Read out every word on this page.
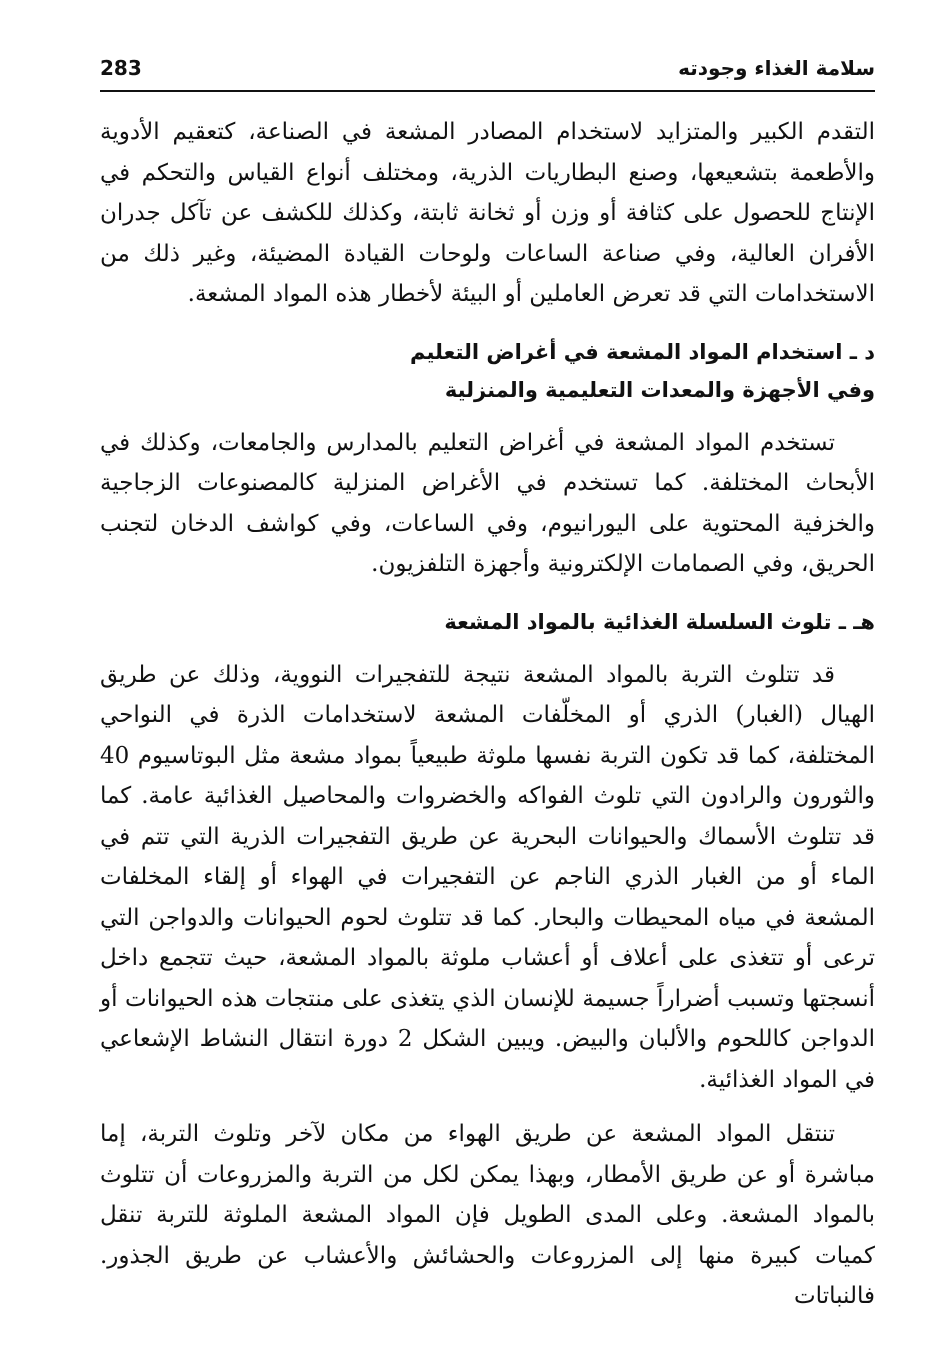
283	سلامة الغذاء وجودته

التقدم الكبير والمتزايد لاستخدام المصادر المشعة في الصناعة، كتعقيم الأدوية والأطعمة بتشعيعها، وصنع البطاريات الذرية، ومختلف أنواع القياس والتحكم في الإنتاج للحصول على كثافة أو وزن أو ثخانة ثابتة، وكذلك للكشف عن تآكل جدران الأفران العالية، وفي صناعة الساعات ولوحات القيادة المضيئة، وغير ذلك من الاستخدامات التي قد تعرض العاملين أو البيئة لأخطار هذه المواد المشعة.

د ـ استخدام المواد المشعة في أغراض التعليم

وفي الأجهزة والمعدات التعليمية والمنزلية

تستخدم المواد المشعة في أغراض التعليم بالمدارس والجامعات، وكذلك في الأبحاث المختلفة. كما تستخدم في الأغراض المنزلية كالمصنوعات الزجاجية والخزفية المحتوية على اليورانيوم، وفي الساعات، وفي كواشف الدخان لتجنب الحريق، وفي الصمامات الإلكترونية وأجهزة التلفزيون.

هـ ـ تلوث السلسلة الغذائية بالمواد المشعة

قد تتلوث التربة بالمواد المشعة نتيجة للتفجيرات النووية، وذلك عن طريق الهيال (الغبار) الذري أو المخلّفات المشعة لاستخدامات الذرة في النواحي المختلفة، كما قد تكون التربة نفسها ملوثة طبيعياً بمواد مشعة مثل البوتاسيوم 40 والثورون والرادون التي تلوث الفواكه والخضروات والمحاصيل الغذائية عامة. كما قد تتلوث الأسماك والحيوانات البحرية عن طريق التفجيرات الذرية التي تتم في الماء أو من الغبار الذري الناجم عن التفجيرات في الهواء أو إلقاء المخلفات المشعة في مياه المحيطات والبحار. كما قد تتلوث لحوم الحيوانات والدواجن التي ترعى أو تتغذى على أعلاف أو أعشاب ملوثة بالمواد المشعة، حيث تتجمع داخل أنسجتها وتسبب أضراراً جسيمة للإنسان الذي يتغذى على منتجات هذه الحيوانات أو الدواجن كاللحوم والألبان والبيض. ويبين الشكل 2 دورة انتقال النشاط الإشعاعي في المواد الغذائية.

تنتقل المواد المشعة عن طريق الهواء من مكان لآخر وتلوث التربة، إما مباشرة أو عن طريق الأمطار، وبهذا يمكن لكل من التربة والمزروعات أن تتلوث بالمواد المشعة. وعلى المدى الطويل فإن المواد المشعة الملوثة للتربة تنقل كميات كبيرة منها إلى المزروعات والحشائش والأعشاب عن طريق الجذور. فالنباتات
